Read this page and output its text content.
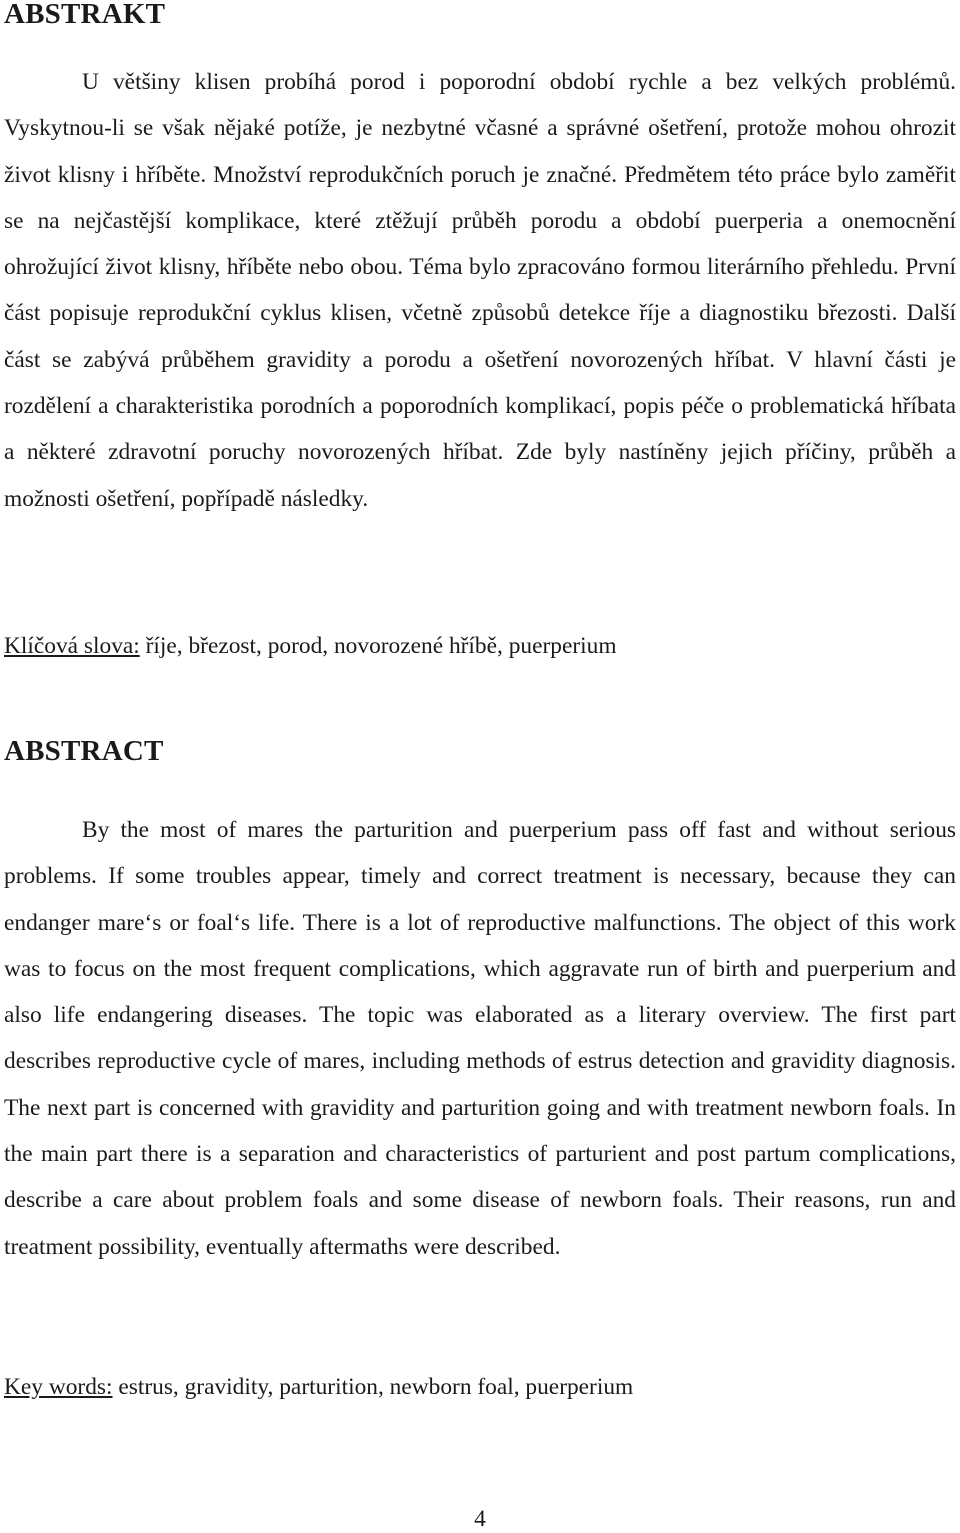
ABSTRAKT

U většiny klisen probíhá porod i poporodní období rychle a bez velkých problémů. Vyskytnou-li se však nějaké potíže, je nezbytné včasné a správné ošetření, protože mohou ohrozit život klisny i hříběte. Množství reprodukčních poruch je značné. Předmětem této práce bylo zaměřit se na nejčastější komplikace, které ztěžují průběh porodu a období puerperia a onemocnění ohrožující život klisny, hříběte nebo obou. Téma bylo zpracováno formou literárního přehledu. První část popisuje reprodukční cyklus klisen, včetně způsobů detekce říje a diagnostiku březosti. Další část se zabývá průběhem gravidity a porodu a ošetření novorozených hříbat. V hlavní části je rozdělení a charakteristika porodních a poporodních komplikací, popis péče o problematická hříbata a některé zdravotní poruchy novorozených hříbat. Zde byly nastíněny jejich příčiny, průběh a možnosti ošetření, popřípadě následky.

Klíčová slova: říje, březost, porod, novorozené hříbě, puerperium

ABSTRACT

By the most of mares the parturition and puerperium pass off fast and without serious problems. If some troubles appear, timely and correct treatment is necessary, because they can endanger mare‘s or foal‘s life. There is a lot of reproductive malfunctions. The object of this work was to focus on the most frequent complications, which aggravate run of birth and puerperium and also life endangering diseases. The topic was elaborated as a literary overview. The first part describes reproductive cycle of mares, including methods of estrus detection and gravidity diagnosis. The next part is concerned with gravidity and parturition going and with treatment newborn foals. In the main part there is a separation and characteristics of parturient and post partum complications, describe a care about problem foals and some disease of newborn foals. Their reasons, run and treatment possibility, eventually aftermaths were described.

Key words: estrus, gravidity, parturition, newborn foal, puerperium

4
